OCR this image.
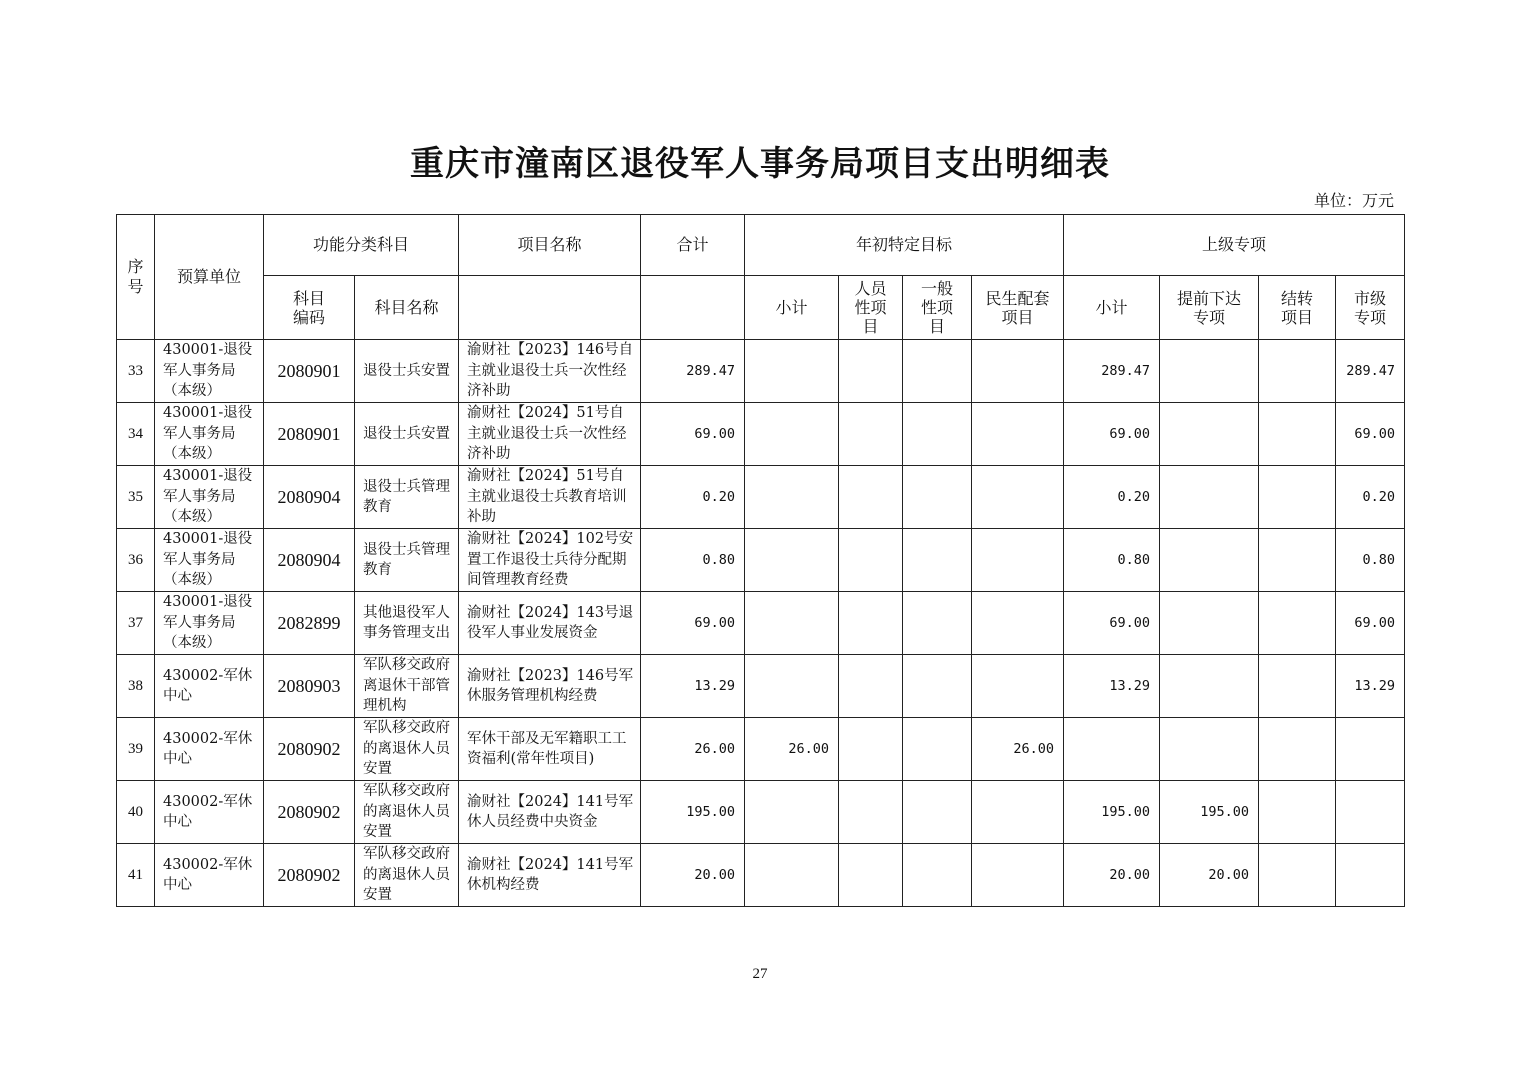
重庆市潼南区退役军人事务局项目支出明细表
单位：万元
序号	预算单位	功能分类科目		项目名称	合计	年初特定目标				上级专项			
		科目编码	科目名称			小计	人员性项目	一般性项目	民生配套项目	小计	提前下达专项	结转项目	市级专项
33	430001-退役军人事务局（本级）	2080901	退役士兵安置	渝财社【2023】146号自主就业退役士兵一次性经济补助	289.47					289.47			289.47
34	430001-退役军人事务局（本级）	2080901	退役士兵安置	渝财社【2024】51号自主就业退役士兵一次性经济补助	69.00					69.00			69.00
35	430001-退役军人事务局（本级）	2080904	退役士兵管理教育	渝财社【2024】51号自主就业退役士兵教育培训补助	0.20					0.20			0.20
36	430001-退役军人事务局（本级）	2080904	退役士兵管理教育	渝财社【2024】102号安置工作退役士兵待分配期间管理教育经费	0.80					0.80			0.80
37	430001-退役军人事务局（本级）	2082899	其他退役军人事务管理支出	渝财社【2024】143号退役军人事业发展资金	69.00					69.00			69.00
38	430002-军休中心	2080903	军队移交政府离退休干部管理机构	渝财社【2023】146号军休服务管理机构经费	13.29					13.29			13.29
39	430002-军休中心	2080902	军队移交政府的离退休人员安置	军休干部及无军籍职工工资福利(常年性项目)	26.00	26.00			26.00				
40	430002-军休中心	2080902	军队移交政府的离退休人员安置	渝财社【2024】141号军休人员经费中央资金	195.00					195.00	195.00		
41	430002-军休中心	2080902	军队移交政府的离退休人员安置	渝财社【2024】141号军休机构经费	20.00					20.00	20.00		
27
